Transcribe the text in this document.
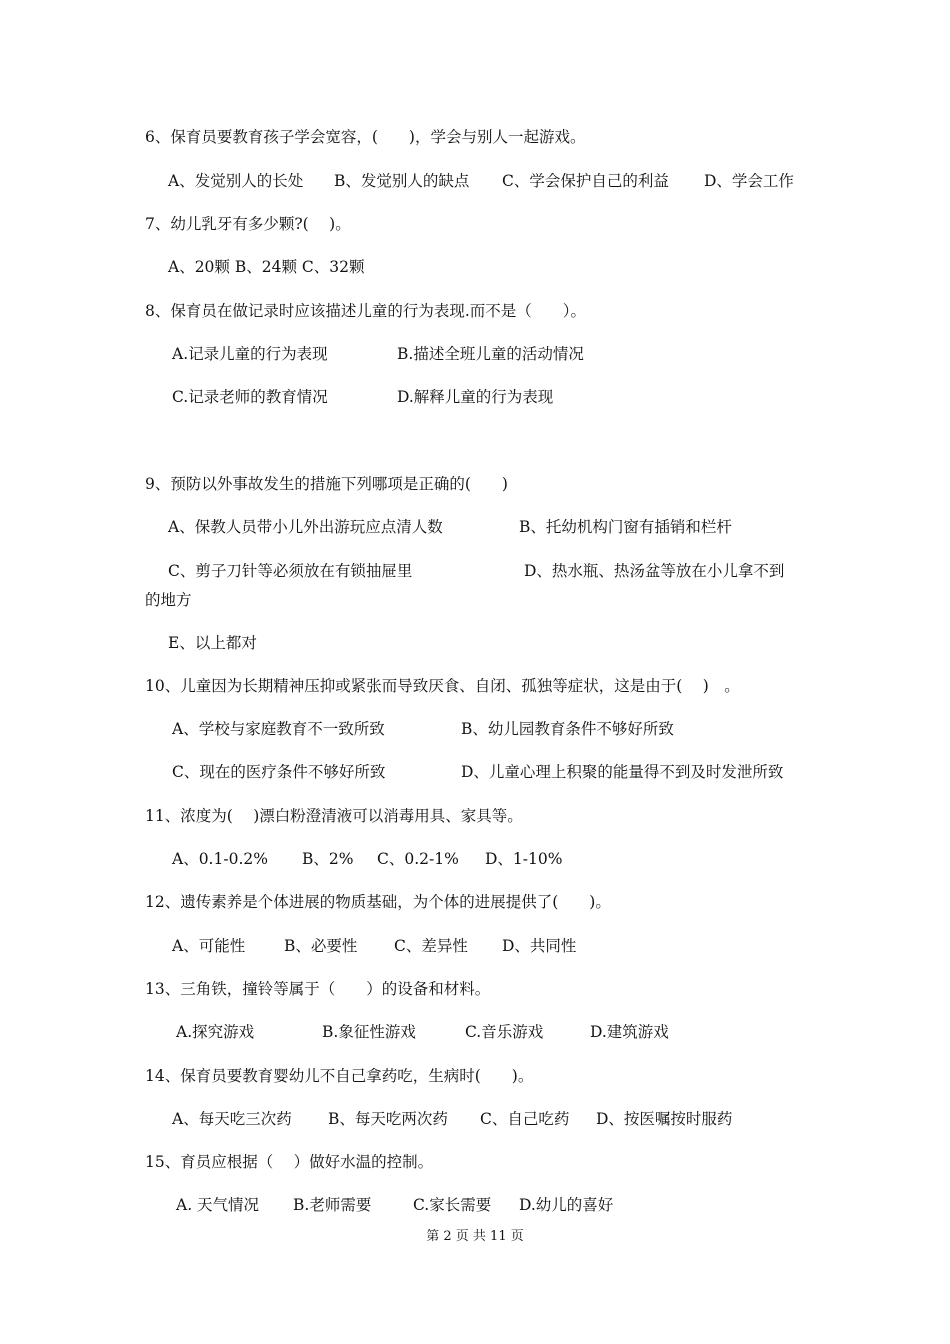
6、保育员要教育孩子学会宽容，(　　)，学会与别人一起游戏。
A、发觉别人的长处 B、发觉别人的缺点 C、学会保护自己的利益 D、学会工作
7、幼儿乳牙有多少颗?(　 )。
A、20颗 B、24颗 C、32颗
8、保育员在做记录时应该描述儿童的行为表现.而不是（　　）。
A.记录儿童的行为表现	B.描述全班儿童的活动情况
C.记录老师的教育情况	D.解释儿童的行为表现
9、预防以外事故发生的措施下列哪项是正确的(　　)
A、保教人员带小儿外出游玩应点清人数	B、托幼机构门窗有插销和栏杆
C、剪子刀针等必须放在有锁抽屉里	D、热水瓶、热汤盆等放在小儿拿不到
的地方
E、以上都对
10、儿童因为长期精神压抑或紧张而导致厌食、自闭、孤独等症状，这是由于(　 )　。
A、学校与家庭教育不一致所致	B、幼儿园教育条件不够好所致
C、现在的医疗条件不够好所致	D、儿童心理上积聚的能量得不到及时发泄所致
11、浓度为(　 )漂白粉澄清液可以消毒用具、家具等。
A、0.1-0.2% B、2% C、0.2-1% D、1-10%
12、遗传素养是个体进展的物质基础，为个体的进展提供了(　　)。
A、可能性	B、必要性 C、差异性 D、共同性
13、三角铁，撞铃等属于（　　）的设备和材料。
A.探究游戏	B.象征性游戏	C.音乐游戏	D.建筑游戏
14、保育员要教育婴幼儿不自己拿药吃，生病时(　　)。
A、每天吃三次药 B、每天吃两次药 C、自己吃药 D、按医嘱按时服药
15、育员应根据（　 ）做好水温的控制。
A. 天气情况 B.老师需要	C.家长需要 D.幼儿的喜好
第 2 页 共 11 页
